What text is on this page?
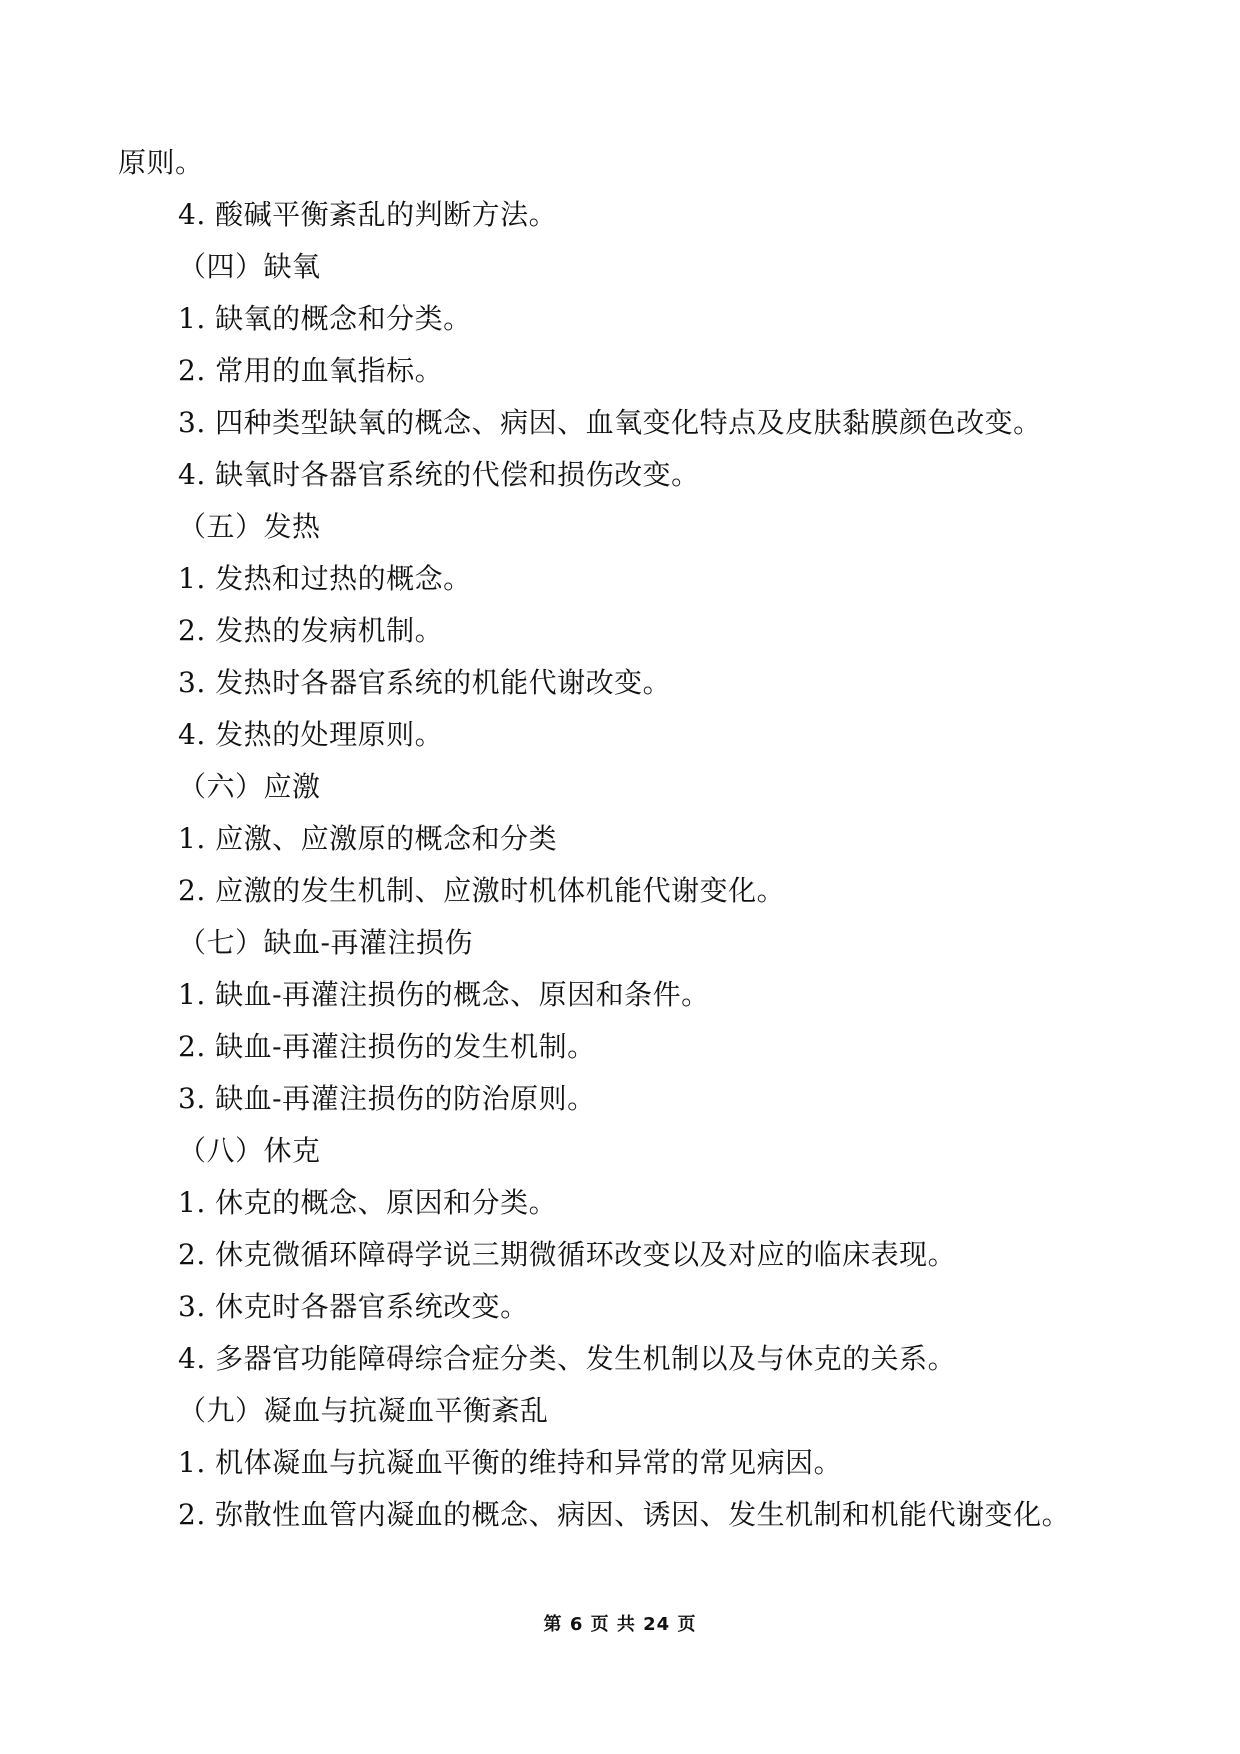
原则。
4. 酸碱平衡紊乱的判断方法。
（四）缺氧
1. 缺氧的概念和分类。
2. 常用的血氧指标。
3. 四种类型缺氧的概念、病因、血氧变化特点及皮肤黏膜颜色改变。
4. 缺氧时各器官系统的代偿和损伤改变。
（五）发热
1. 发热和过热的概念。
2. 发热的发病机制。
3. 发热时各器官系统的机能代谢改变。
4. 发热的处理原则。
（六）应激
1. 应激、应激原的概念和分类
2. 应激的发生机制、应激时机体机能代谢变化。
（七）缺血-再灌注损伤
1. 缺血-再灌注损伤的概念、原因和条件。
2. 缺血-再灌注损伤的发生机制。
3. 缺血-再灌注损伤的防治原则。
（八）休克
1. 休克的概念、原因和分类。
2. 休克微循环障碍学说三期微循环改变以及对应的临床表现。
3. 休克时各器官系统改变。
4. 多器官功能障碍综合症分类、发生机制以及与休克的关系。
（九）凝血与抗凝血平衡紊乱
1. 机体凝血与抗凝血平衡的维持和异常的常见病因。
2. 弥散性血管内凝血的概念、病因、诱因、发生机制和机能代谢变化。
第 6 页 共 24 页
